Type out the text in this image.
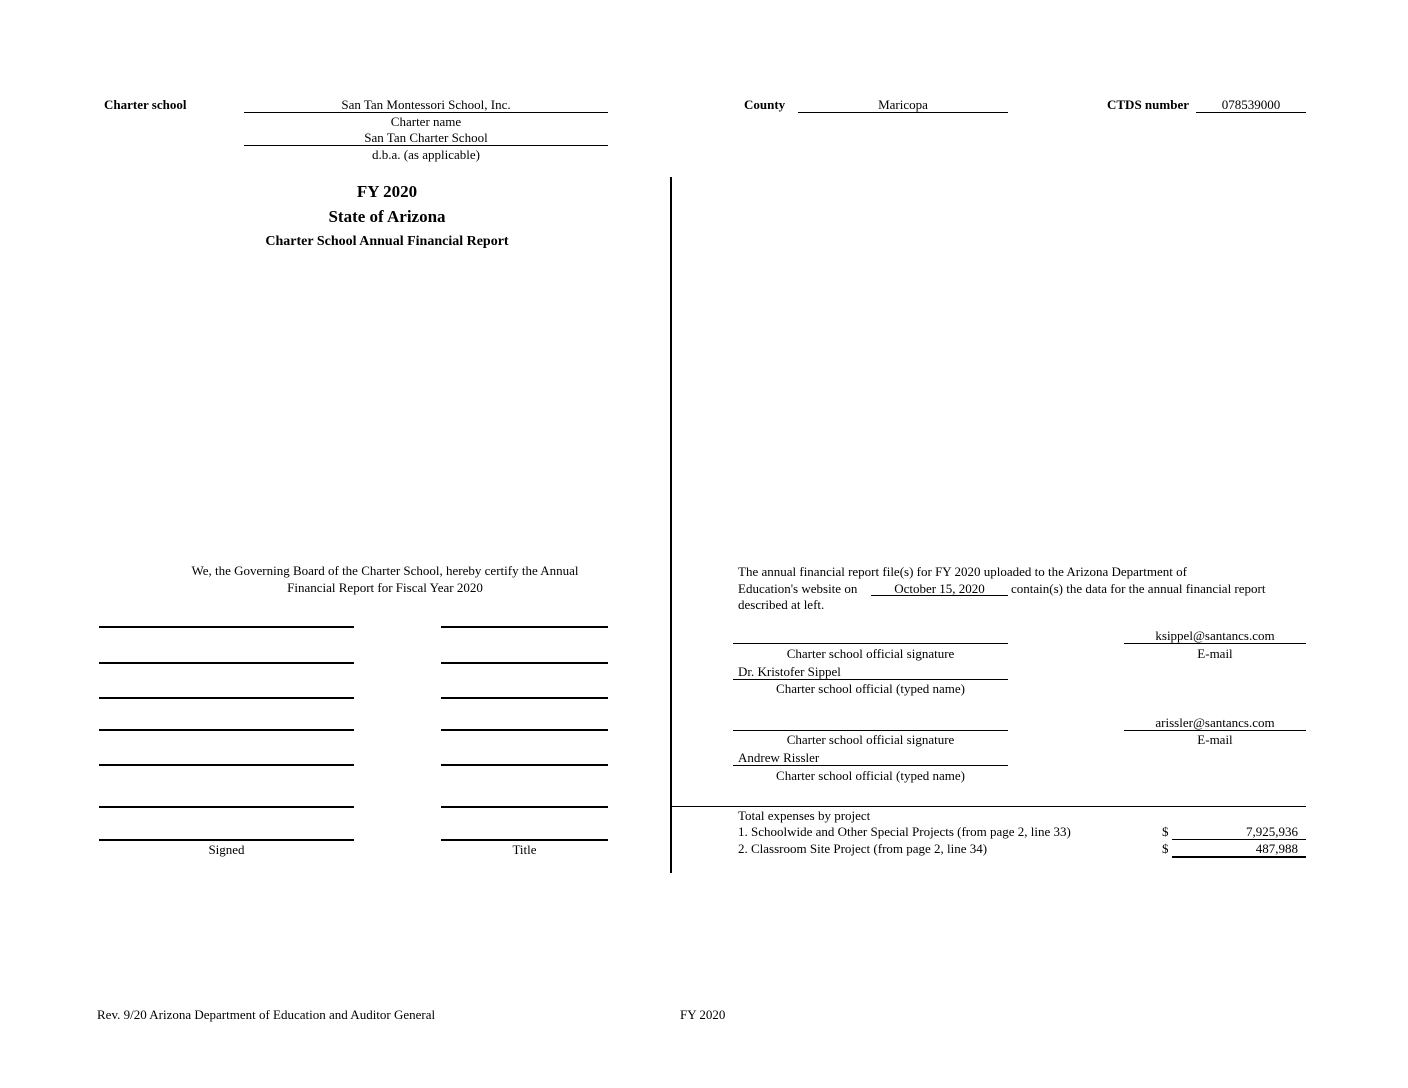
Charter school	San Tan Montessori School, Inc.
Charter name
San Tan Charter School
d.b.a. (as applicable)
County	Maricopa	CTDS number	078539000
FY 2020
State of Arizona
Charter School Annual Financial Report
We, the Governing Board of the Charter School, hereby certify the Annual
Financial Report for Fiscal Year 2020
Signed	Title
The annual financial report file(s) for FY 2020 uploaded to the Arizona Department of
Education's website on	October 15, 2020	contain(s) the data for the annual financial report
described at left.
ksippel@santancs.com
Charter school official signature	E-mail
Dr. Kristofer Sippel
Charter school official (typed name)
arissler@santancs.com
Charter school official signature	E-mail
Andrew Rissler
Charter school official (typed name)
Total expenses by project
1. Schoolwide and Other Special Projects (from page 2, line 33)	$	7,925,936
2. Classroom Site Project (from page 2, line 34)	$	487,988
Rev. 9/20 Arizona Department of Education and Auditor General	FY 2020
